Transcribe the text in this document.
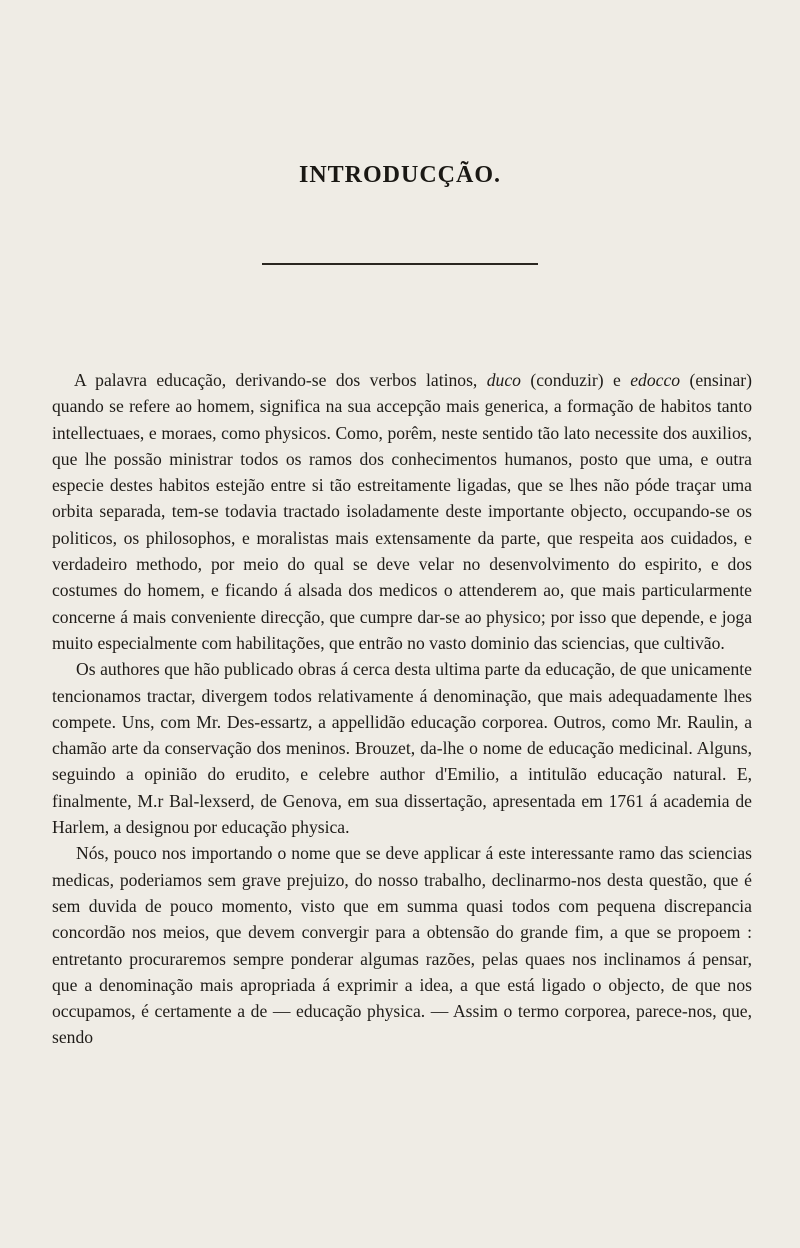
INTRODUCÇÃO.

A palavra educação, derivando-se dos verbos latinos, duco (conduzir) e edocco (ensinar) quando se refere ao homem, significa na sua accepção mais generica, a formação de habitos tanto intellectuaes, e moraes, como physicos. Como, porêm, neste sentido tão lato necessite dos auxilios, que lhe possão ministrar todos os ramos dos conhecimentos humanos, posto que uma, e outra especie destes habitos estejão entre si tão estreitamente ligadas, que se lhes não póde traçar uma orbita separada, tem-se todavia tractado isoladamente deste importante objecto, occupando-se os politicos, os philosophos, e moralistas mais extensamente da parte, que respeita aos cuidados, e verdadeiro methodo, por meio do qual se deve velar no desenvolvimento do espirito, e dos costumes do homem, e ficando á alsada dos medicos o attenderem ao, que mais particularmente concerne á mais conveniente direcção, que cumpre dar-se ao physico; por isso que depende, e joga muito especialmente com habilitações, que entrão no vasto dominio das sciencias, que cultivão.

Os authores que hão publicado obras á cerca desta ultima parte da educação, de que unicamente tencionamos tractar, divergem todos relativamente á denominação, que mais adequadamente lhes compete. Uns, com Mr. Des-essartz, a appellidão educação corporea. Outros, como Mr. Raulin, a chamão arte da conservação dos meninos. Brouzet, da-lhe o nome de educação medicinal. Alguns, seguindo a opinião do erudito, e celebre author d'Emilio, a intitulão educação natural. E, finalmente, M.r Bal-lexserd, de Genova, em sua dissertação, apresentada em 1761 á academia de Harlem, a designou por educação physica.

Nós, pouco nos importando o nome que se deve applicar á este interessante ramo das sciencias medicas, poderiamos sem grave prejuizo, do nosso trabalho, declinarmo-nos desta questão, que é sem duvida de pouco momento, visto que em summa quasi todos com pequena discrepancia concordão nos meios, que devem convergir para a obtensão do grande fim, a que se propoem : entretanto procuraremos sempre ponderar algumas razões, pelas quaes nos inclinamos á pensar, que a denominação mais apropriada á exprimir a idea, a que está ligado o objecto, de que nos occupamos, é certamente a de — educação physica. — Assim o termo corporea, parece-nos, que, sendo
